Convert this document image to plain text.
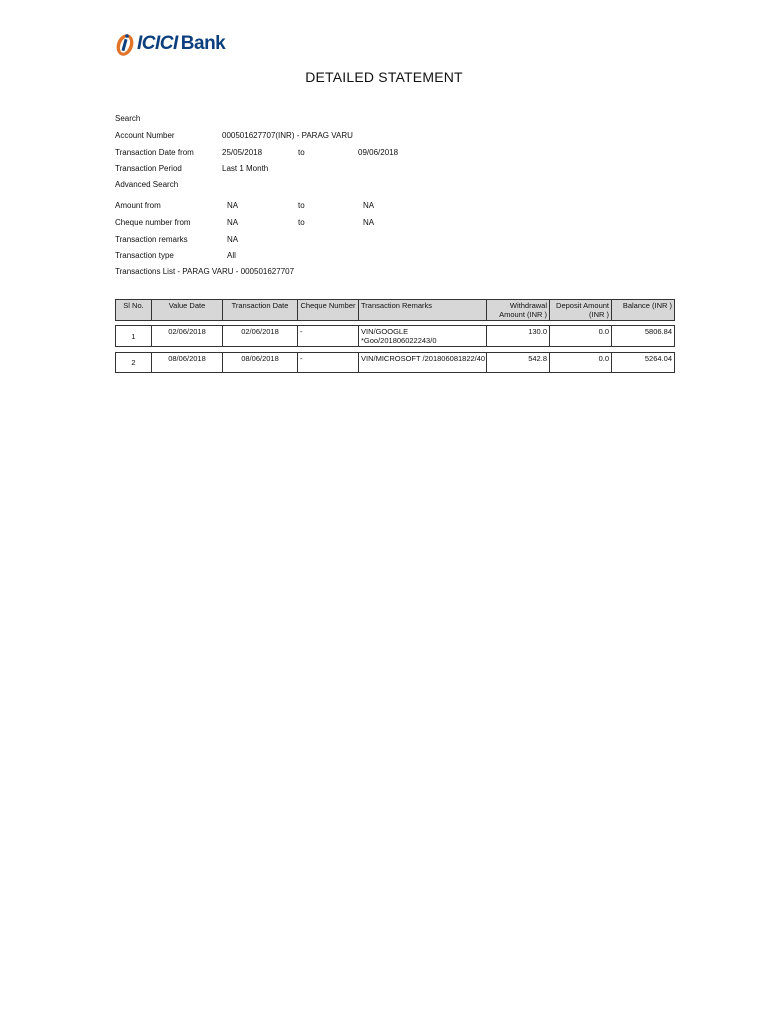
ICICI Bank
DETAILED STATEMENT
Search
Account Number	000501627707(INR) - PARAG VARU
Transaction Date from	25/05/2018	to	09/06/2018
Transaction Period	Last 1 Month
Advanced Search
Amount from	NA	to	NA
Cheque number from	NA	to	NA
Transaction remarks	NA
Transaction type	All
Transactions List - PARAG VARU - 000501627707
Sl No.	Value Date	Transaction Date	Cheque Number	Transaction Remarks	Withdrawal Amount (INR )	Deposit Amount (INR )	Balance (INR )
1	02/06/2018	02/06/2018	-	VIN/GOOGLE *Goo/201806022243/0	130.0	0.0	5806.84
2	08/06/2018	08/06/2018	-	VIN/MICROSOFT /201806081822/40	542.8	0.0	5264.04
